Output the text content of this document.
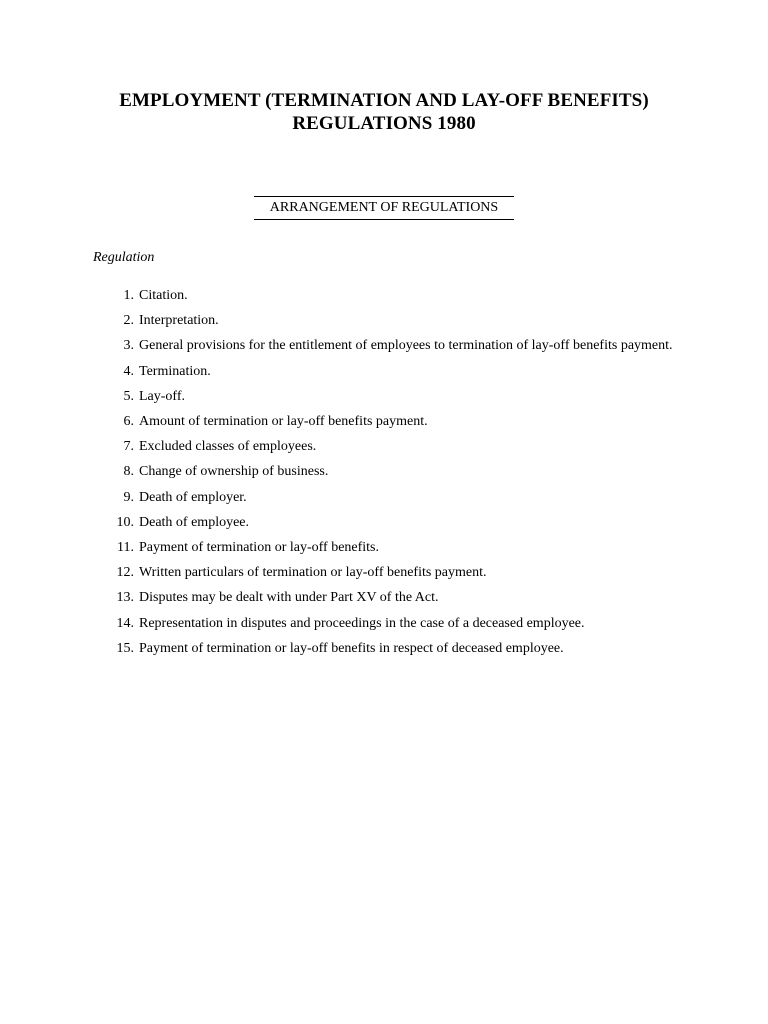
EMPLOYMENT (TERMINATION AND LAY-OFF BENEFITS)
REGULATIONS 1980
ARRANGEMENT OF REGULATIONS
Regulation
1. Citation.
2. Interpretation.
3. General provisions for the entitlement of employees to termination of lay-off benefits payment.
4. Termination.
5. Lay-off.
6. Amount of termination or lay-off benefits payment.
7. Excluded classes of employees.
8. Change of ownership of business.
9. Death of employer.
10. Death of employee.
11. Payment of termination or lay-off benefits.
12. Written particulars of termination or lay-off benefits payment.
13. Disputes may be dealt with under Part XV of the Act.
14. Representation in disputes and proceedings in the case of a deceased employee.
15. Payment of termination or lay-off benefits in respect of deceased employee.
